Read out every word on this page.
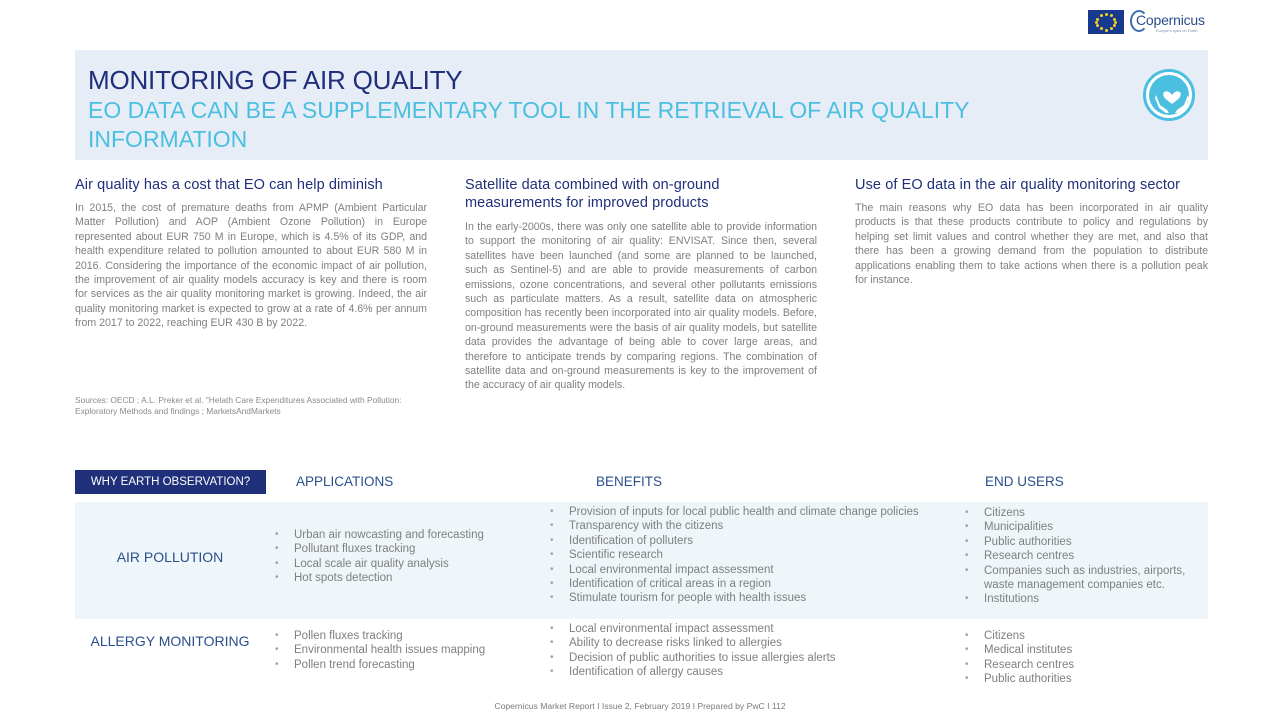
Copernicus
Europe's eyes on Earth
MONITORING OF AIR QUALITY
EO DATA CAN BE A SUPPLEMENTARY TOOL IN THE RETRIEVAL OF AIR QUALITY INFORMATION
Air quality has a cost that EO can help diminish

In 2015, the cost of premature deaths from APMP (Ambient Particular Matter Pollution) and AOP (Ambient Ozone Pollution) in Europe represented about EUR 750 M in Europe, which is 4.5% of its GDP, and health expenditure related to pollution amounted to about EUR 580 M in 2016. Considering the importance of the economic impact of air pollution, the improvement of air quality models accuracy is key and there is room for services as the air quality monitoring market is growing. Indeed, the air quality monitoring market is expected to grow at a rate of 4.6% per annum from 2017 to 2022, reaching EUR 430 B by 2022.

Satellite data combined with on-ground measurements for improved products

In the early-2000s, there was only one satellite able to provide information to support the monitoring of air quality: ENVISAT. Since then, several satellites have been launched (and some are planned to be launched, such as Sentinel-5) and are able to provide measurements of carbon emissions, ozone concentrations, and several other pollutants emissions such as particulate matters. As a result, satellite data on atmospheric composition has recently been incorporated into air quality models. Before, on-ground measurements were the basis of air quality models, but satellite data provides the advantage of being able to cover large areas, and therefore to anticipate trends by comparing regions. The combination of satellite data and on-ground measurements is key to the improvement of the accuracy of air quality models.

Use of EO data in the air quality monitoring sector

The main reasons why EO data has been incorporated in air quality products is that these products contribute to policy and regulations by helping set limit values and control whether they are met, and also that there has been a growing demand from the population to distribute applications enabling them to take actions when there is a pollution peak for instance.

Sources: OECD ; A.L. Preker et al. "Helath Care Expenditures Associated with Pollution: Exploratory Methods and findings ; MarketsAndMarkets
WHY EARTH OBSERVATION?	APPLICATIONS	BENEFITS	END USERS
AIR POLLUTION
• Urban air nowcasting and forecasting
• Pollutant fluxes tracking
• Local scale air quality analysis
• Hot spots detection
• Provision of inputs for local public health and climate change policies
• Transparency with the citizens
• Identification of polluters
• Scientific research
• Local environmental impact assessment
• Identification of critical areas in a region
• Stimulate tourism for people with health issues
• Citizens
• Municipalities
• Public authorities
• Research centres
• Companies such as industries, airports, waste management companies etc.
• Institutions
ALLERGY MONITORING
•	Pollen fluxes tracking
• Environmental health issues mapping
• Pollen trend forecasting
• Local environmental impact assessment
• Ability to decrease risks linked to allergies
• Decision of public authorities to issue allergies alerts
• Identification of allergy causes
• Citizens
• Medical institutes
• Research centres
• Public authorities
Copernicus Market Report I Issue 2, February 2019 I Prepared by PwC I 112
